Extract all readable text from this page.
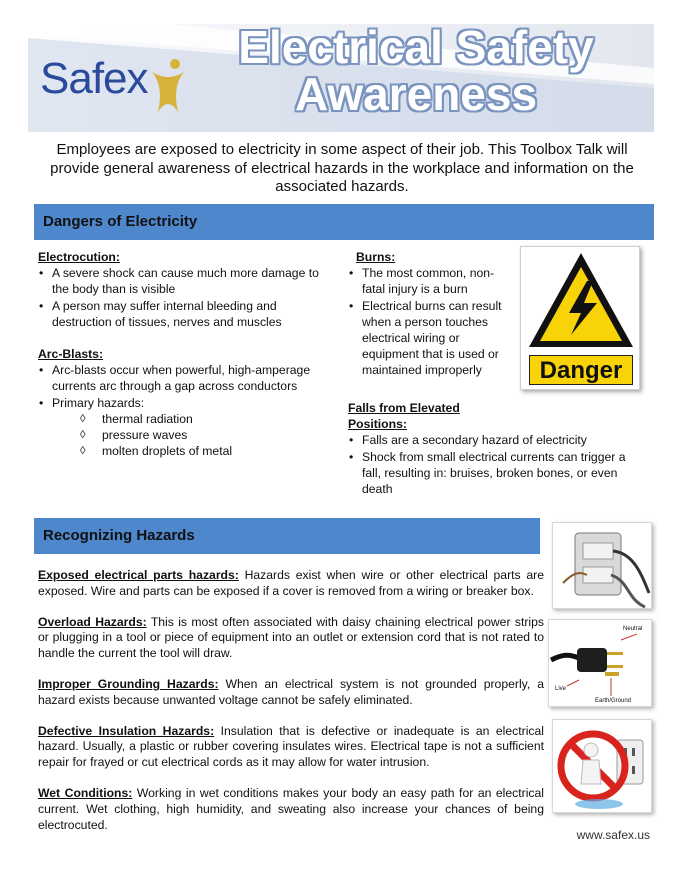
Safex
Electrical Safety
Awareness
Employees are exposed to electricity in some aspect of their job. This Toolbox Talk will provide general awareness of electrical hazards in the workplace and information on the associated hazards.
Dangers of Electricity
Electrocution:
• A severe shock can cause much more damage to the body than is visible
• A person may suffer internal bleeding and destruction of tissues, nerves and muscles
Arc-Blasts:
• Arc-blasts occur when powerful, high-amperage currents arc through a gap across conductors
• Primary hazards:
◊ thermal radiation
◊ pressure waves
◊ molten droplets of metal
Burns:
• The most common, non-fatal injury is a burn
• Electrical burns can result when a person touches electrical wiring or equipment that is used or maintained improperly
Falls from Elevated Positions:
• Falls are a secondary hazard of electricity
• Shock from small electrical currents can trigger a fall, resulting in: bruises, broken bones, or even death
Danger
Recognizing Hazards

Exposed electrical parts hazards: Hazards exist when wire or other electrical parts are exposed. Wire and parts can be exposed if a cover is removed from a wiring or breaker box.

Overload Hazards: This is most often associated with daisy chaining electrical power strips or plugging in a tool or piece of equipment into an outlet or extension cord that is not rated to handle the current the tool will draw.

Improper Grounding Hazards: When an electrical system is not grounded properly, a hazard exists because unwanted voltage cannot be safely eliminated.

Defective Insulation Hazards: Insulation that is defective or inadequate is an electrical hazard. Usually, a plastic or rubber covering insulates wires. Electrical tape is not a sufficient repair for frayed or cut electrical cords as it may allow for water intrusion.

Wet Conditions: Working in wet conditions makes your body an easy path for an electrical current. Wet clothing, high humidity, and sweating also increase your chances of being electrocuted.

Neutral
Live
Earth/Ground
www.safex.us
